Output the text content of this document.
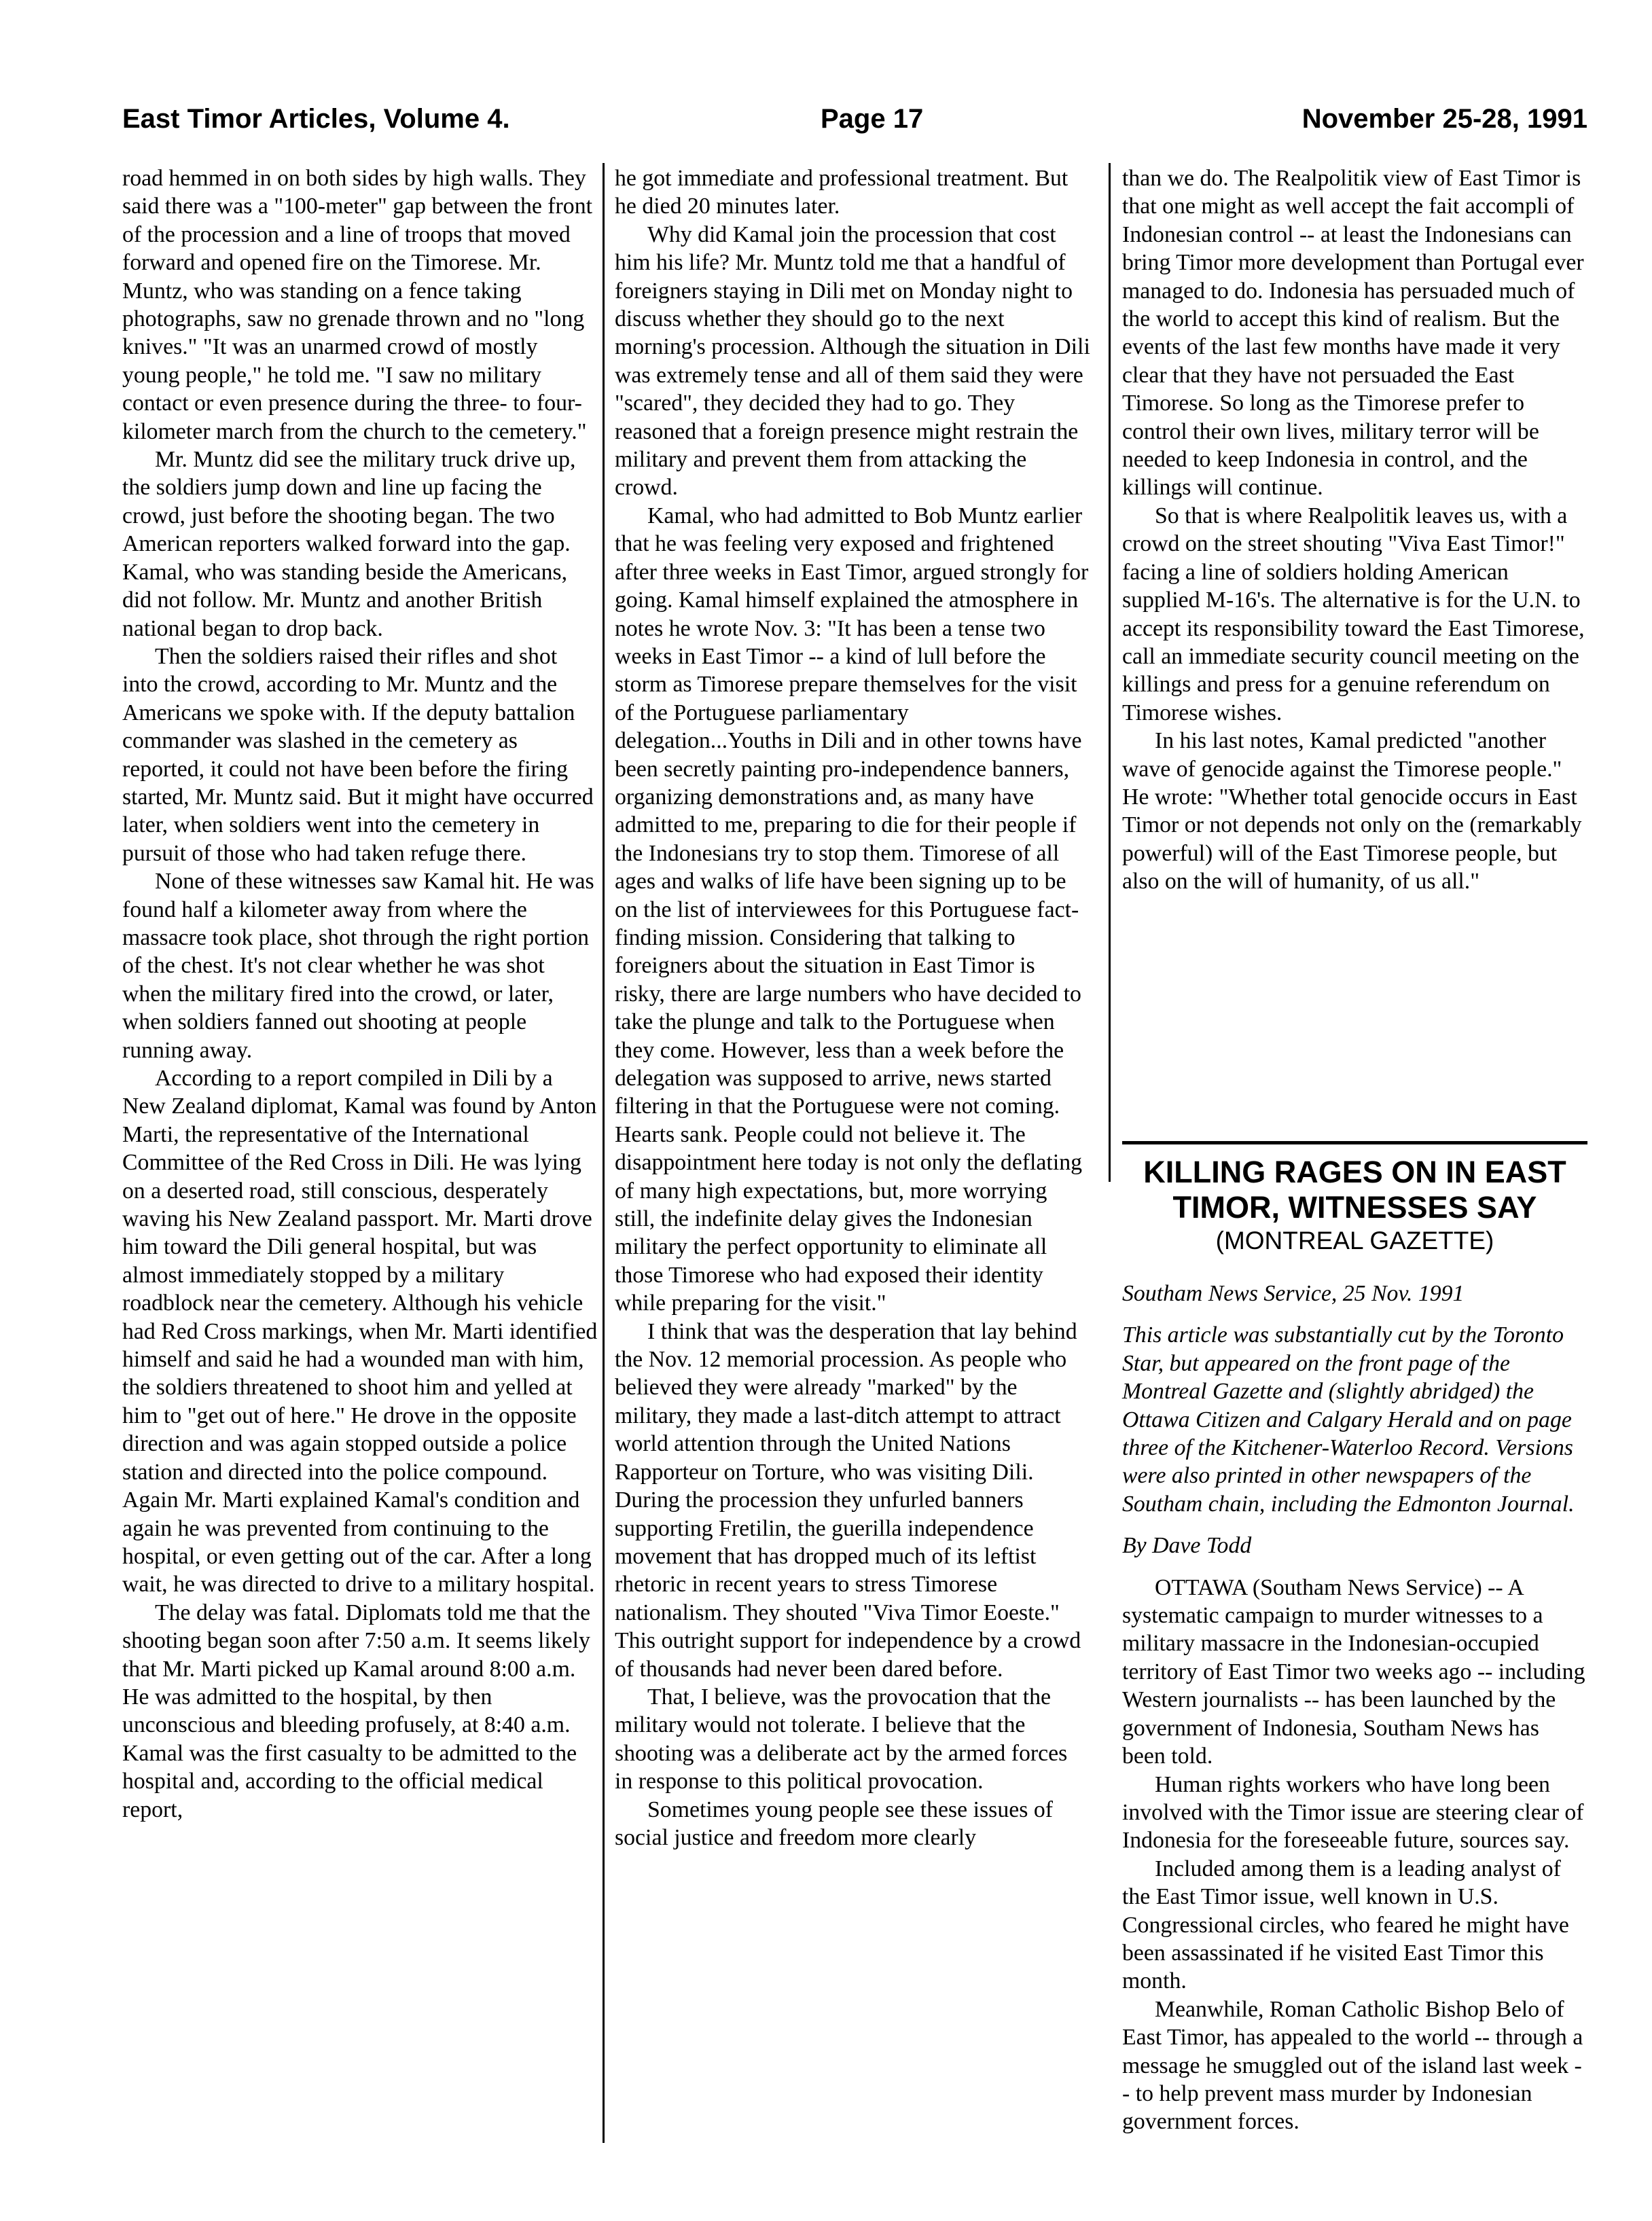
East Timor Articles, Volume 4.	Page 17	November 25-28, 1991

road hemmed in on both sides by high walls. They said there was a "100-meter" gap between the front of the procession and a line of troops that moved forward and opened fire on the Timorese. Mr. Muntz, who was standing on a fence taking photographs, saw no grenade thrown and no "long knives." "It was an unarmed crowd of mostly young people," he told me. "I saw no military contact or even presence during the three- to four-kilometer march from the church to the cemetery."

Mr. Muntz did see the military truck drive up, the soldiers jump down and line up facing the crowd, just before the shooting began. The two American reporters walked forward into the gap. Kamal, who was standing beside the Americans, did not follow. Mr. Muntz and another British national began to drop back.

Then the soldiers raised their rifles and shot into the crowd, according to Mr. Muntz and the Americans we spoke with. If the deputy battalion commander was slashed in the cemetery as reported, it could not have been before the firing started, Mr. Muntz said. But it might have occurred later, when soldiers went into the cemetery in pursuit of those who had taken refuge there.

None of these witnesses saw Kamal hit. He was found half a kilometer away from where the massacre took place, shot through the right portion of the chest. It's not clear whether he was shot when the military fired into the crowd, or later, when soldiers fanned out shooting at people running away.

According to a report compiled in Dili by a New Zealand diplomat, Kamal was found by Anton Marti, the representative of the International Committee of the Red Cross in Dili. He was lying on a deserted road, still conscious, desperately waving his New Zealand passport. Mr. Marti drove him toward the Dili general hospital, but was almost immediately stopped by a military roadblock near the cemetery. Although his vehicle had Red Cross markings, when Mr. Marti identified himself and said he had a wounded man with him, the soldiers threatened to shoot him and yelled at him to "get out of here." He drove in the opposite direction and was again stopped outside a police station and directed into the police compound. Again Mr. Marti explained Kamal's condition and again he was prevented from continuing to the hospital, or even getting out of the car. After a long wait, he was directed to drive to a military hospital.

The delay was fatal. Diplomats told me that the shooting began soon after 7:50 a.m. It seems likely that Mr. Marti picked up Kamal around 8:00 a.m. He was admitted to the hospital, by then unconscious and bleeding profusely, at 8:40 a.m. Kamal was the first casualty to be admitted to the hospital and, according to the official medical report,

he got immediate and professional treatment. But he died 20 minutes later.

Why did Kamal join the procession that cost him his life? Mr. Muntz told me that a handful of foreigners staying in Dili met on Monday night to discuss whether they should go to the next morning's procession. Although the situation in Dili was extremely tense and all of them said they were "scared", they decided they had to go. They reasoned that a foreign presence might restrain the military and prevent them from attacking the crowd.

Kamal, who had admitted to Bob Muntz earlier that he was feeling very exposed and frightened after three weeks in East Timor, argued strongly for going. Kamal himself explained the atmosphere in notes he wrote Nov. 3: "It has been a tense two weeks in East Timor -- a kind of lull before the storm as Timorese prepare themselves for the visit of the Portuguese parliamentary delegation...Youths in Dili and in other towns have been secretly painting pro-independence banners, organizing demonstrations and, as many have admitted to me, preparing to die for their people if the Indonesians try to stop them. Timorese of all ages and walks of life have been signing up to be on the list of interviewees for this Portuguese fact-finding mission. Considering that talking to foreigners about the situation in East Timor is risky, there are large numbers who have decided to take the plunge and talk to the Portuguese when they come. However, less than a week before the delegation was supposed to arrive, news started filtering in that the Portuguese were not coming. Hearts sank. People could not believe it. The disappointment here today is not only the deflating of many high expectations, but, more worrying still, the indefinite delay gives the Indonesian military the perfect opportunity to eliminate all those Timorese who had exposed their identity while preparing for the visit."

I think that was the desperation that lay behind the Nov. 12 memorial procession. As people who believed they were already "marked" by the military, they made a last-ditch attempt to attract world attention through the United Nations Rapporteur on Torture, who was visiting Dili. During the procession they unfurled banners supporting Fretilin, the guerilla independence movement that has dropped much of its leftist rhetoric in recent years to stress Timorese nationalism. They shouted "Viva Timor Eoeste." This outright support for independence by a crowd of thousands had never been dared before.

That, I believe, was the provocation that the military would not tolerate. I believe that the shooting was a deliberate act by the armed forces in response to this political provocation.

Sometimes young people see these issues of social justice and freedom more clearly

than we do. The Realpolitik view of East Timor is that one might as well accept the fait accompli of Indonesian control -- at least the Indonesians can bring Timor more development than Portugal ever managed to do. Indonesia has persuaded much of the world to accept this kind of realism. But the events of the last few months have made it very clear that they have not persuaded the East Timorese. So long as the Timorese prefer to control their own lives, military terror will be needed to keep Indonesia in control, and the killings will continue.

So that is where Realpolitik leaves us, with a crowd on the street shouting "Viva East Timor!" facing a line of soldiers holding American supplied M-16's. The alternative is for the U.N. to accept its responsibility toward the East Timorese, call an immediate security council meeting on the killings and press for a genuine referendum on Timorese wishes.

In his last notes, Kamal predicted "another wave of genocide against the Timorese people." He wrote: "Whether total genocide occurs in East Timor or not depends not only on the (remarkably powerful) will of the East Timorese people, but also on the will of humanity, of us all."

KILLING RAGES ON IN EAST TIMOR, WITNESSES SAY
(MONTREAL GAZETTE)

Southam News Service, 25 Nov. 1991

This article was substantially cut by the Toronto Star, but appeared on the front page of the Montreal Gazette and (slightly abridged) the Ottawa Citizen and Calgary Herald and on page three of the Kitchener-Waterloo Record. Versions were also printed in other newspapers of the Southam chain, including the Edmonton Journal.

By Dave Todd

OTTAWA (Southam News Service) -- A systematic campaign to murder witnesses to a military massacre in the Indonesian-occupied territory of East Timor two weeks ago -- including Western journalists -- has been launched by the government of Indonesia, Southam News has been told.

Human rights workers who have long been involved with the Timor issue are steering clear of Indonesia for the foreseeable future, sources say.

Included among them is a leading analyst of the East Timor issue, well known in U.S. Congressional circles, who feared he might have been assassinated if he visited East Timor this month.

Meanwhile, Roman Catholic Bishop Belo of East Timor, has appealed to the world -- through a message he smuggled out of the island last week -- to help prevent mass murder by Indonesian government forces.
